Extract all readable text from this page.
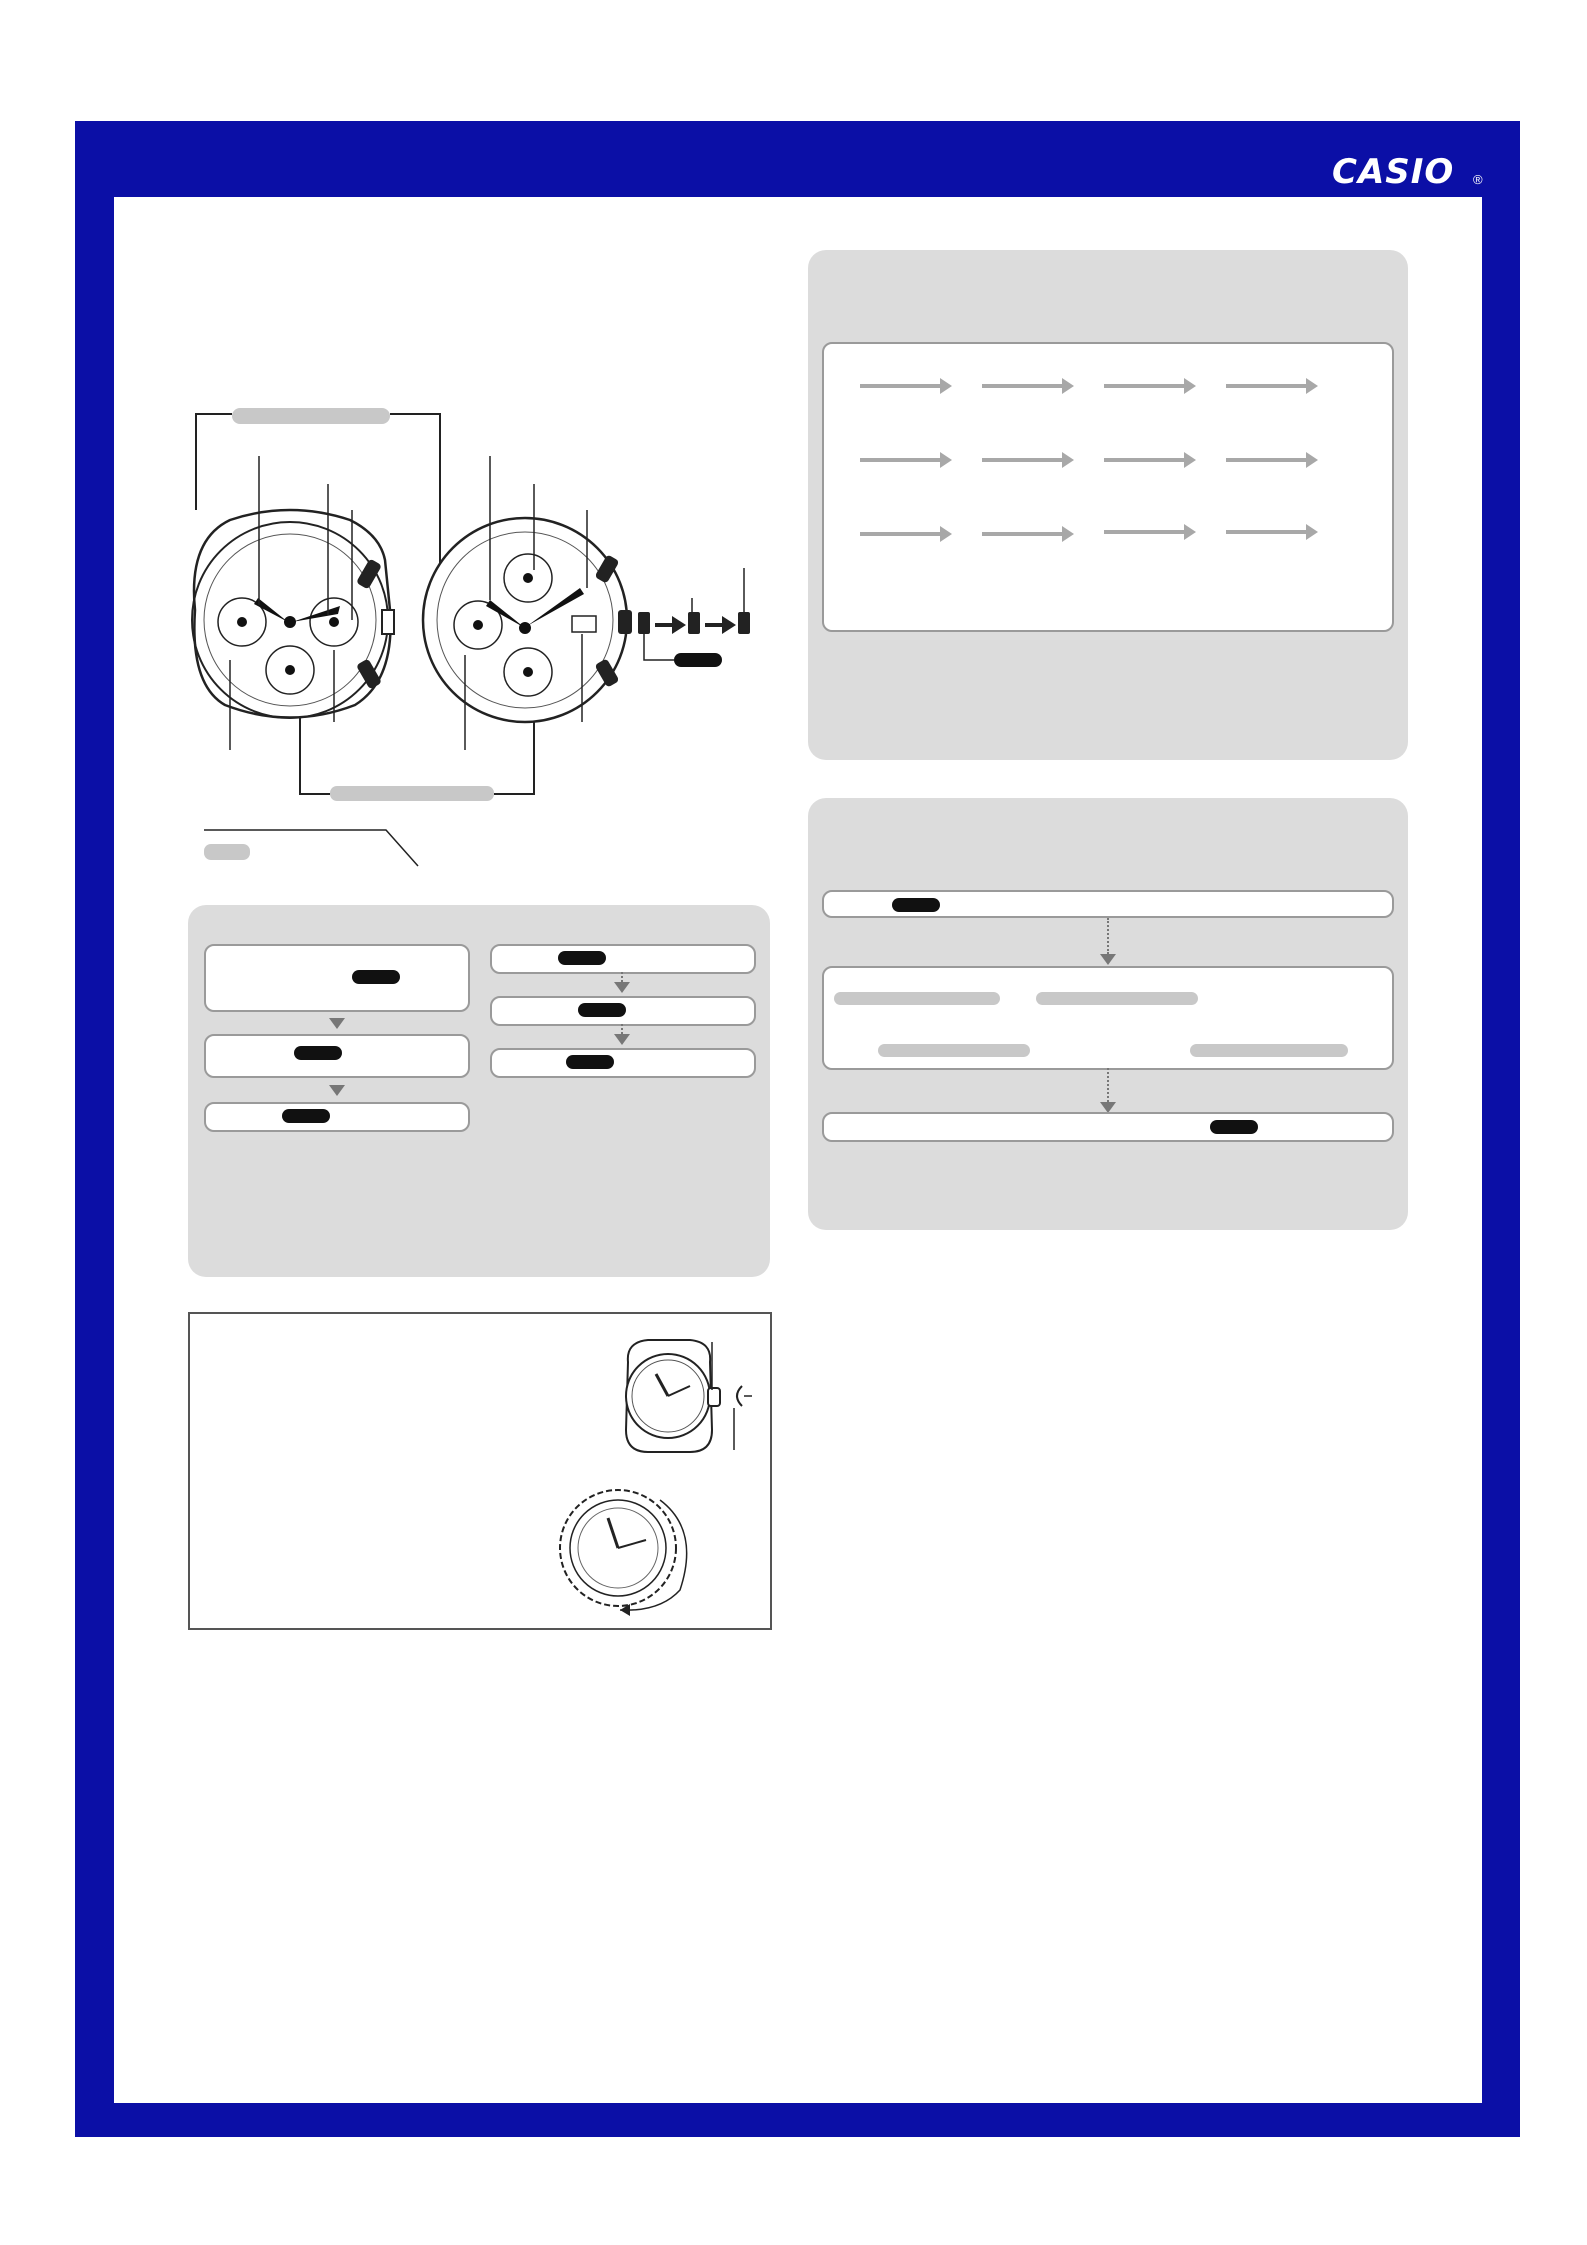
CASIO ®
